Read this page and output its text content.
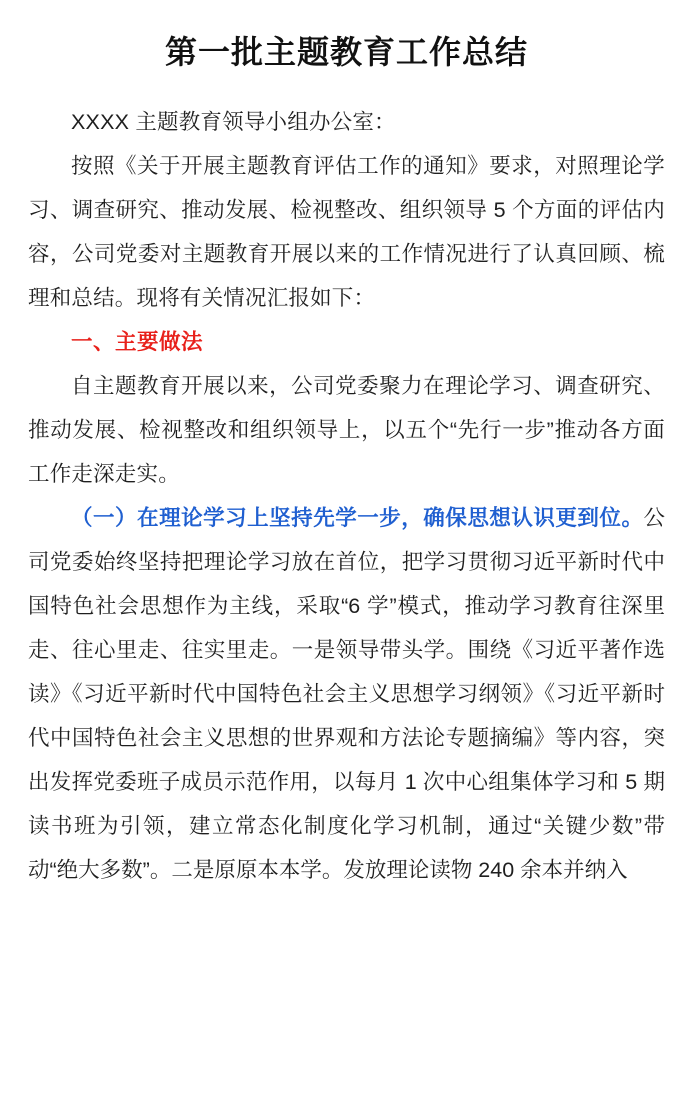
第一批主题教育工作总结

XXXX 主题教育领导小组办公室：

按照《关于开展主题教育评估工作的通知》要求，对照理论学习、调查研究、推动发展、检视整改、组织领导 5 个方面的评估内容，公司党委对主题教育开展以来的工作情况进行了认真回顾、梳理和总结。现将有关情况汇报如下：

一、主要做法

自主题教育开展以来，公司党委聚力在理论学习、调查研究、推动发展、检视整改和组织领导上，以五个“先行一步”推动各方面工作走深走实。

（一）在理论学习上坚持先学一步，确保思想认识更到位。公司党委始终坚持把理论学习放在首位，把学习贯彻习近平新时代中国特色社会思想作为主线，采取“6 学”模式，推动学习教育往深里走、往心里走、往实里走。一是领导带头学。围绕《习近平著作选读》《习近平新时代中国特色社会主义思想学习纲领》《习近平新时代中国特色社会主义思想的世界观和方法论专题摘编》等内容，突出发挥党委班子成员示范作用，以每月 1 次中心组集体学习和 5 期读书班为引领，建立常态化制度化学习机制，通过“关键少数”带动“绝大多数”。二是原原本本学。发放理论读物 240 余本并纳入
